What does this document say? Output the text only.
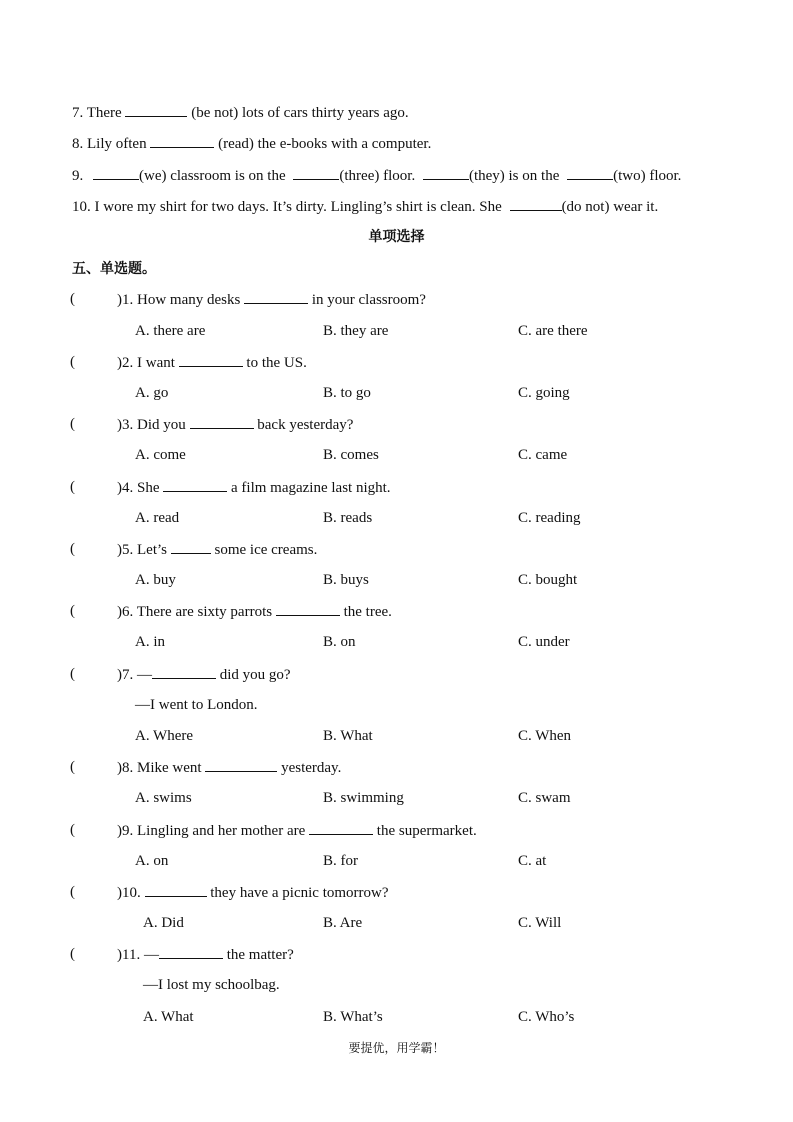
7. There	(be not) lots of cars thirty years ago.
8. Lily often	(read) the e-books with a computer.
9.	(we) classroom is on the	(three) floor.	(they) is on the	(two) floor.
10. I wore my shirt for two days. It’s dirty. Lingling’s shirt is clean. She	(do not) wear it.
单项选择
五、单选题。
(	)1. How many desks	in your classroom?
A. there are	B. they are	C. are there
(	)2. I want	to the US.
A. go	B. to go	C. going
(	)3. Did you	back yesterday?
A. come	B. comes	C. came
(	)4. She	a film magazine last night.
A. read	B. reads	C. reading
(	)5. Let’s	some ice creams.
A. buy	B. buys	C. bought
(	)6. There are sixty parrots	the tree.
A. in	B. on	C. under
(	)7. —	did you go?
—I went to London.
A. Where	B. What	C. When
(	)8. Mike went	yesterday.
A. swims	B. swimming	C. swam
(	)9. Lingling and her mother are	the supermarket.
A. on	B. for	C. at
(	)10.	they have a picnic tomorrow?
A. Did	B. Are	C. Will
(	)11. —	the matter?
—I lost my schoolbag.
A. What	B. What’s	C. Who’s
要提优，用学霸！
